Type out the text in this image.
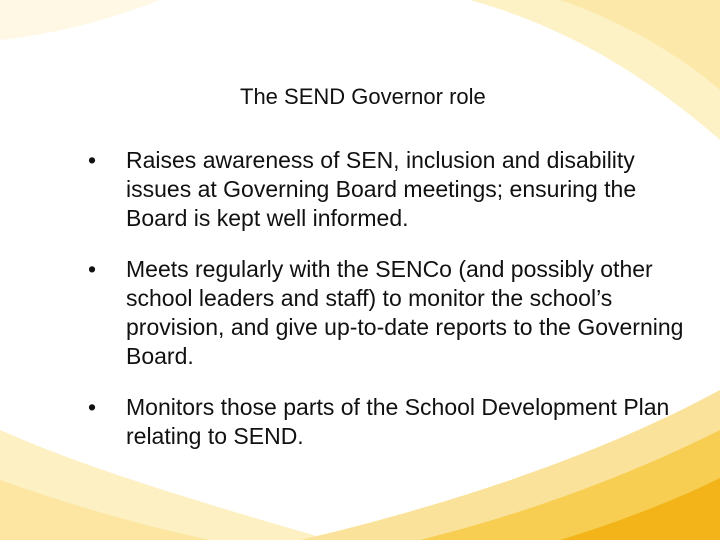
The SEND Governor role
• Raises awareness of SEN, inclusion and disability issues at Governing Board meetings; ensuring the Board is kept well informed.
• Meets regularly with the SENCo (and possibly other school leaders and staff) to monitor the school’s provision, and give up-to-date reports to the Governing Board.
• Monitors those parts of the School Development Plan relating to SEND.
